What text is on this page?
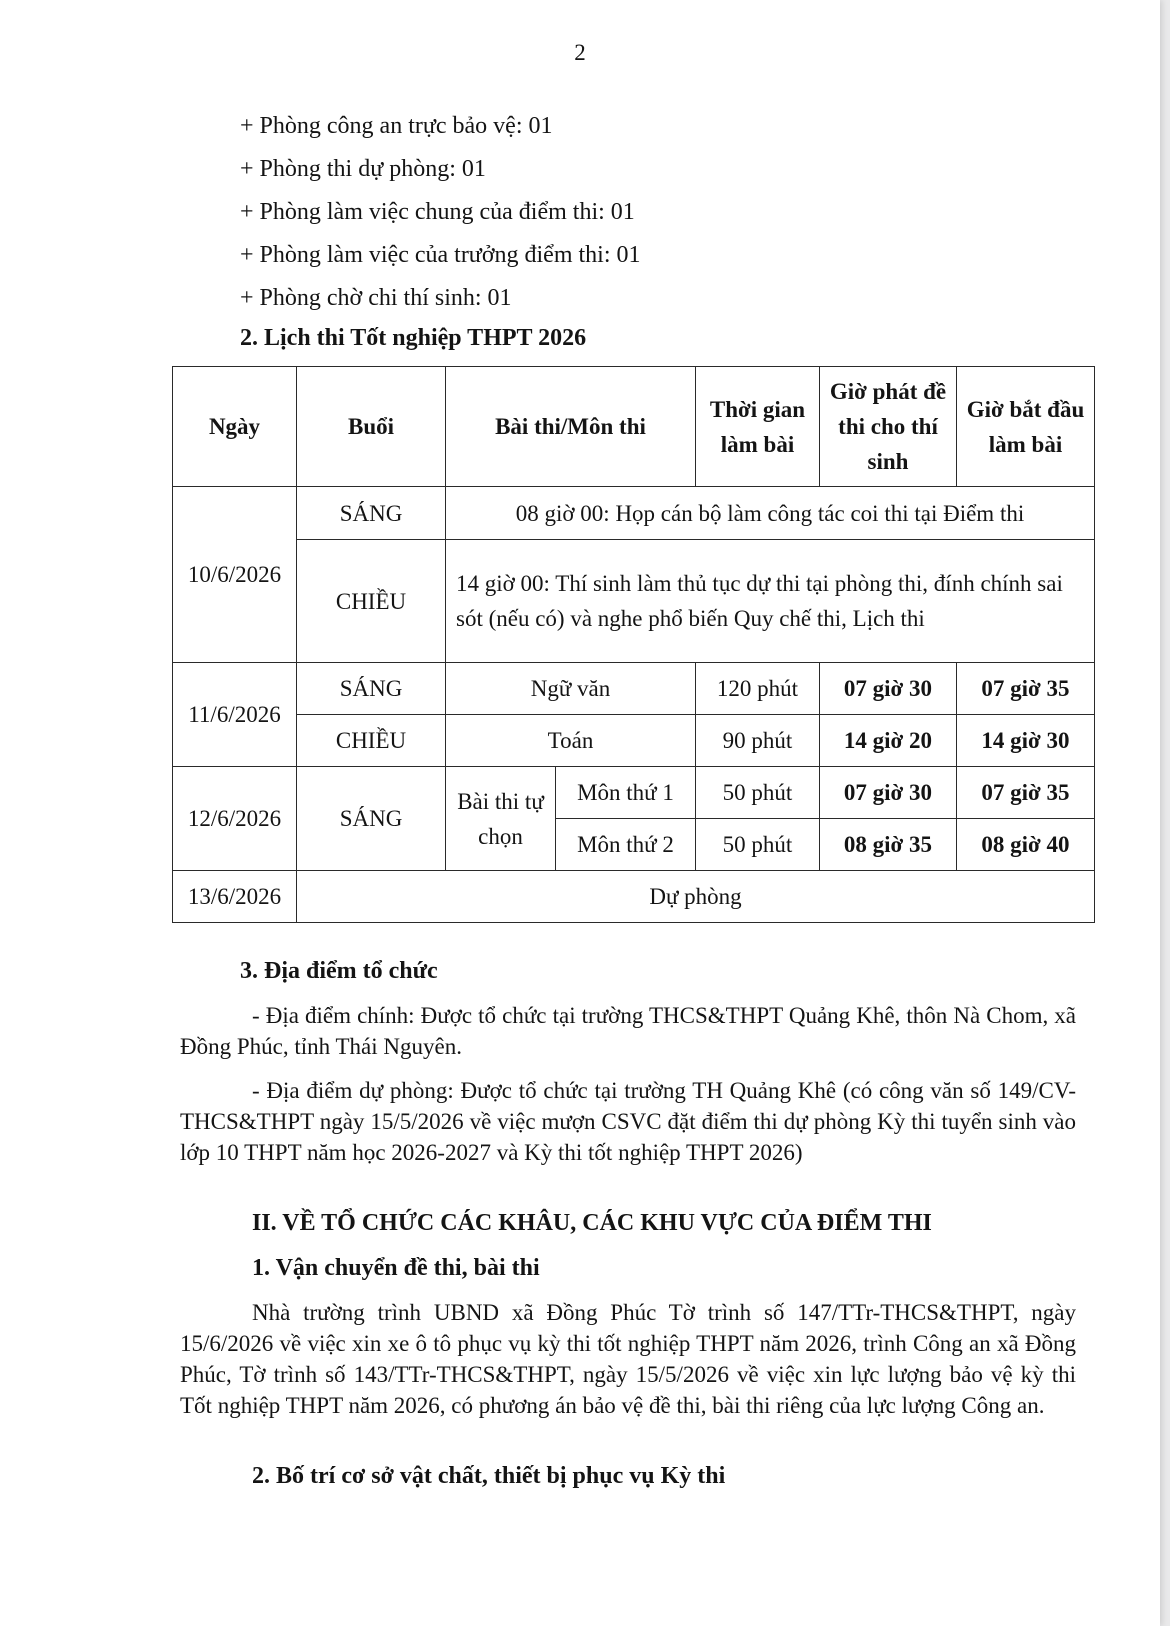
2
+ Phòng công an trực bảo vệ: 01
+ Phòng thi dự phòng: 01
+ Phòng làm việc chung của điểm thi: 01
+ Phòng làm việc của trưởng điểm thi: 01
+ Phòng chờ chi thí sinh: 01
2. Lịch thi Tốt nghiệp THPT 2026
Ngày	Buổi	Bài thi/Môn thi		Thời gian làm bài	Giờ phát đề thi cho thí sinh	Giờ bắt đầu làm bài
10/6/2026	SÁNG	08 giờ 00: Họp cán bộ làm công tác coi thi tại Điểm thi				
	CHIỀU	14 giờ 00: Thí sinh làm thủ tục dự thi tại phòng thi, đính chính sai sót (nếu có) và nghe phổ biến Quy chế thi, Lịch thi				
11/6/2026	SÁNG	Ngữ văn		120 phút	07 giờ 30	07 giờ 35
	CHIỀU	Toán		90 phút	14 giờ 20	14 giờ 30
12/6/2026	SÁNG	Bài thi tự chọn	Môn thứ 1	50 phút	07 giờ 30	07 giờ 35
			Môn thứ 2	50 phút	08 giờ 35	08 giờ 40
13/6/2026	Dự phòng					
3. Địa điểm tổ chức

- Địa điểm chính: Được tổ chức tại trường THCS&THPT Quảng Khê, thôn Nà Chom, xã Đồng Phúc, tỉnh Thái Nguyên.

- Địa điểm dự phòng: Được tổ chức tại trường TH Quảng Khê (có công văn số 149/CV-THCS&THPT ngày 15/5/2026 về việc mượn CSVC đặt điểm thi dự phòng Kỳ thi tuyển sinh vào lớp 10 THPT năm học 2026-2027 và Kỳ thi tốt nghiệp THPT 2026)

II. VỀ TỔ CHỨC CÁC KHÂU, CÁC KHU VỰC CỦA ĐIỂM THI
1. Vận chuyển đề thi, bài thi

Nhà trường trình UBND xã Đồng Phúc Tờ trình số 147/TTr-THCS&THPT, ngày 15/6/2026 về việc xin xe ô tô phục vụ kỳ thi tốt nghiệp THPT năm 2026, trình Công an xã Đồng Phúc, Tờ trình số 143/TTr-THCS&THPT, ngày 15/5/2026 về việc xin lực lượng bảo vệ kỳ thi Tốt nghiệp THPT năm 2026, có phương án bảo vệ đề thi, bài thi riêng của lực lượng Công an.

2. Bố trí cơ sở vật chất, thiết bị phục vụ Kỳ thi
